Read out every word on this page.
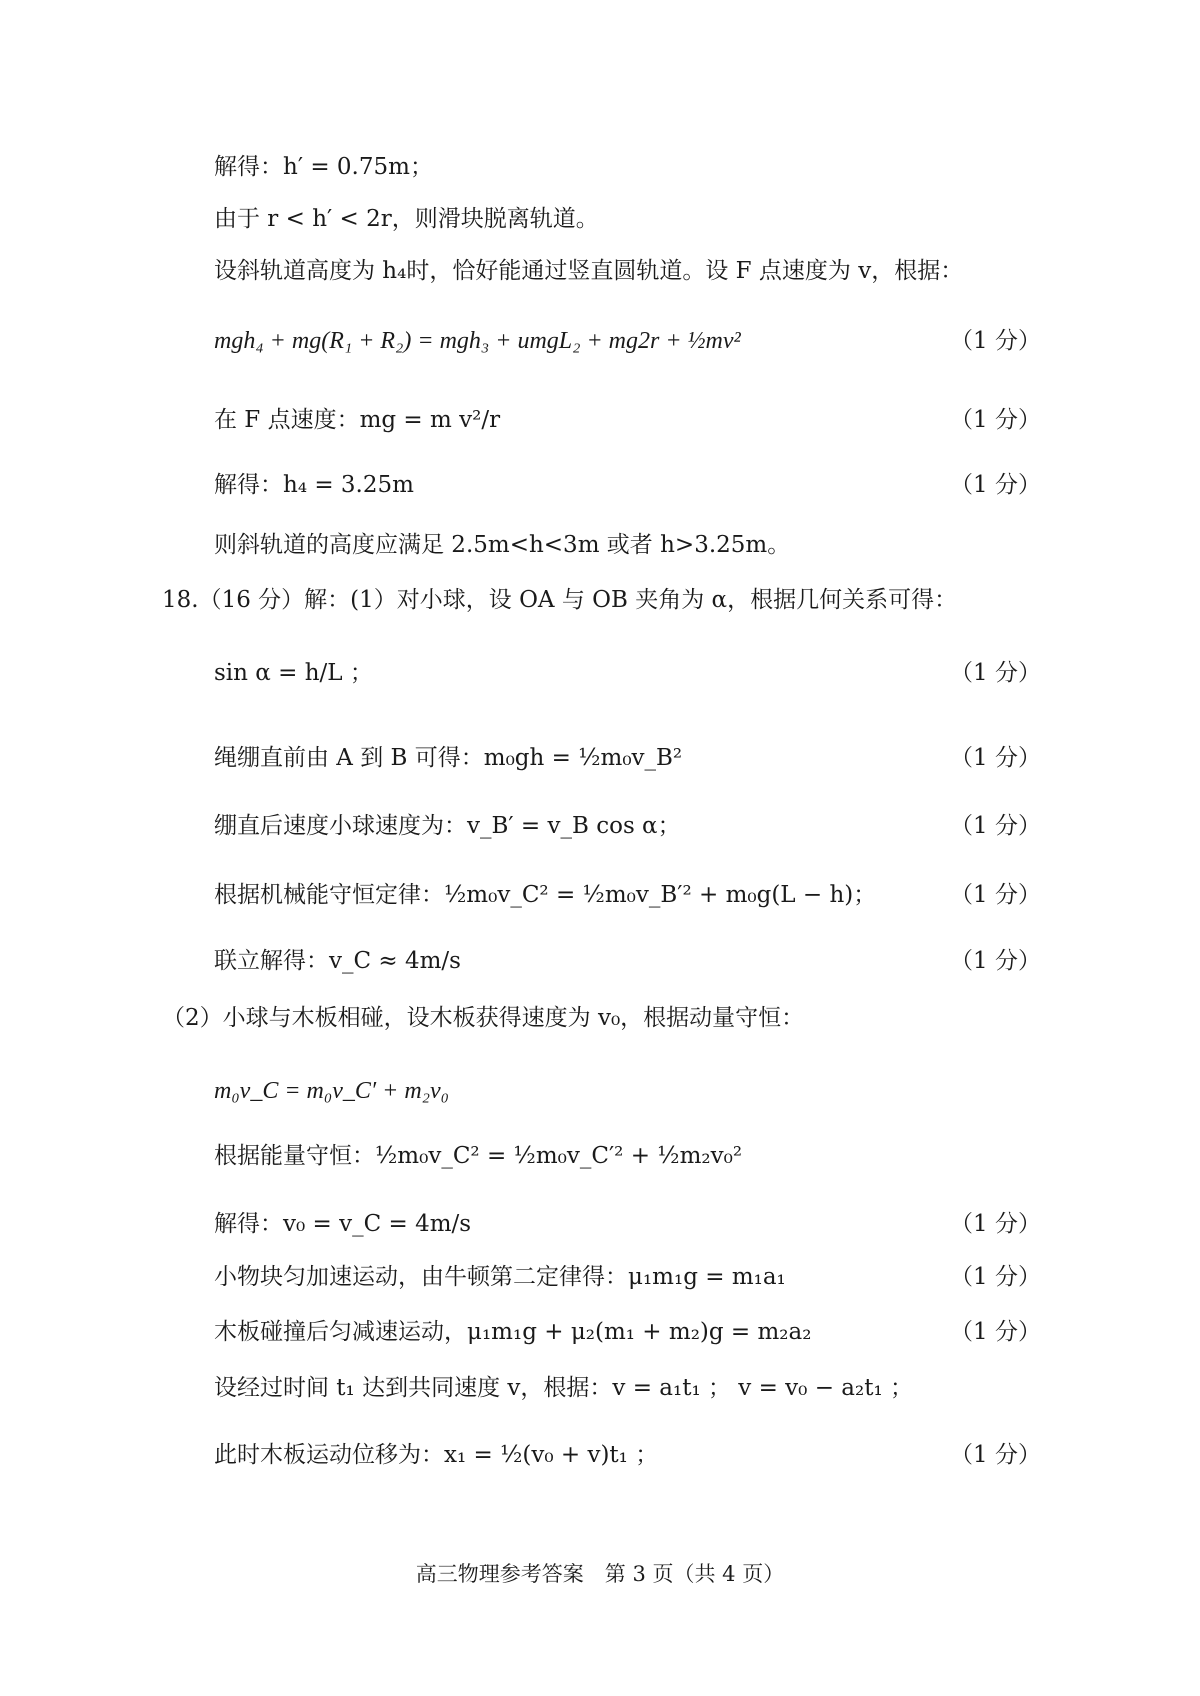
解得：h′ = 0.75m；
由于 r < h′ < 2r，则滑块脱离轨道。
设斜轨道高度为 h₄时，恰好能通过竖直圆轨道。设 F 点速度为 v，根据：
mgh₄ + mg(R₁ + R₂) = mgh₃ + umgL₂ + mg2r + ½mv²	（1 分）
在 F 点速度：mg = m v²/r	（1 分）
解得：h₄ = 3.25m	（1 分）
则斜轨道的高度应满足 2.5m<h<3m 或者 h>3.25m。
18.（16 分）解：(1）对小球，设 OA 与 OB 夹角为 α，根据几何关系可得：
sin α = h/L ；	（1 分）
绳绷直前由 A 到 B 可得：m₀gh = ½m₀v_B²	（1 分）
绷直后速度小球速度为：v_B′ = v_B cos α；	（1 分）
根据机械能守恒定律：½m₀v_C² = ½m₀v_B′² + m₀g(L − h)；	（1 分）
联立解得：v_C ≈ 4m/s	（1 分）
（2）小球与木板相碰，设木板获得速度为 v₀，根据动量守恒：
m₀v_C = m₀v_C′ + m₂v₀
根据能量守恒：½m₀v_C² = ½m₀v_C′² + ½m₂v₀²
解得：v₀ = v_C = 4m/s	（1 分）
小物块匀加速运动，由牛顿第二定律得：μ₁m₁g = m₁a₁	（1 分）
木板碰撞后匀减速运动，μ₁m₁g + μ₂(m₁ + m₂)g = m₂a₂	（1 分）
设经过时间 t₁ 达到共同速度 v，根据：v = a₁t₁ ； v = v₀ − a₂t₁ ；
此时木板运动位移为：x₁ = ½(v₀ + v)t₁ ；	（1 分）
高三物理参考答案　第 3 页（共 4 页）
